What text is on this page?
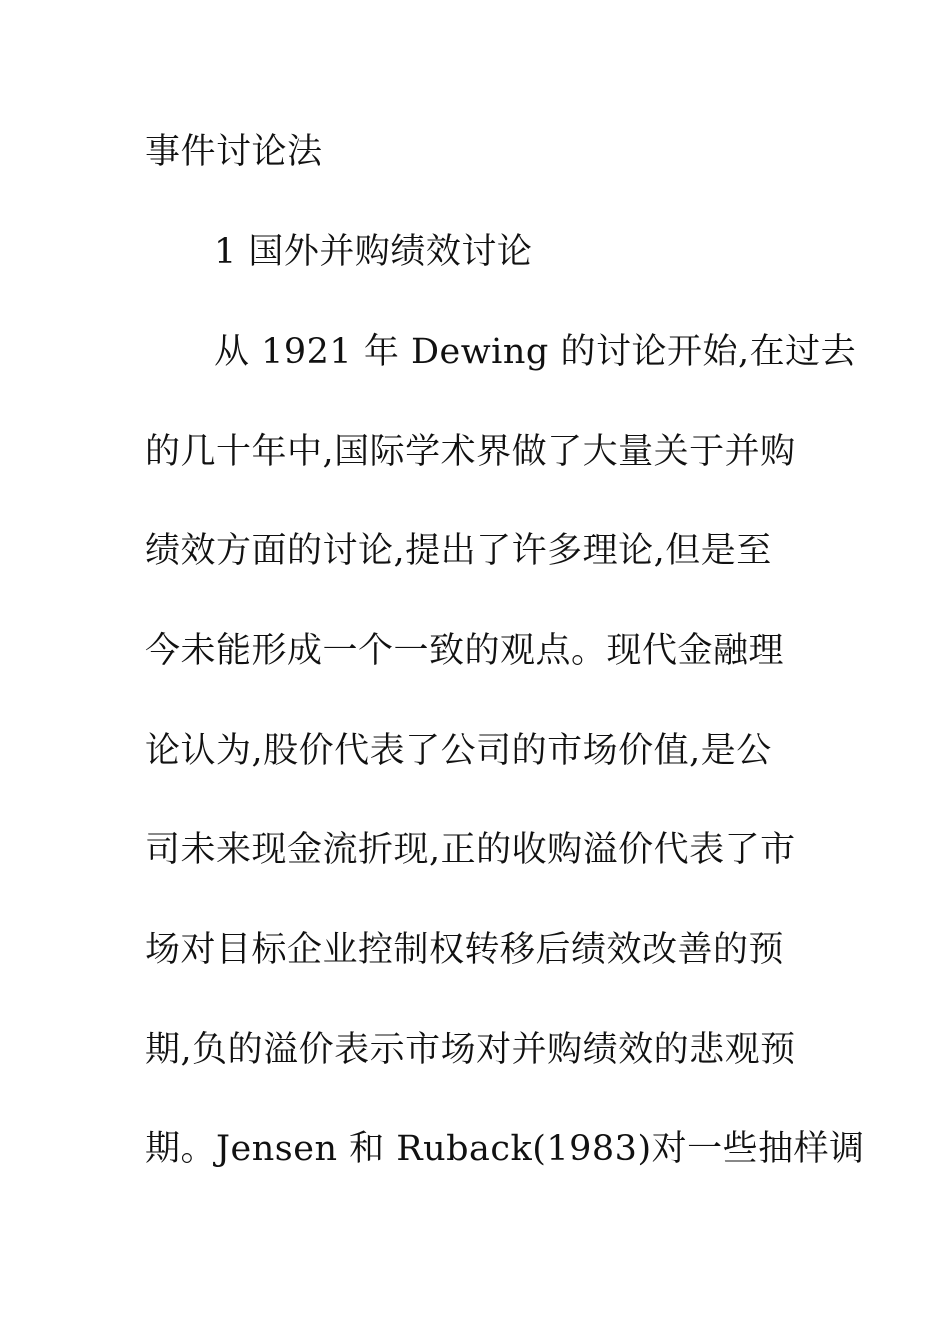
事件讨论法
1 国外并购绩效讨论
从 1921 年 Dewing 的讨论开始,在过去
的几十年中,国际学术界做了大量关于并购
绩效方面的讨论,提出了许多理论,但是至
今未能形成一个一致的观点。现代金融理
论认为,股价代表了公司的市场价值,是公
司未来现金流折现,正的收购溢价代表了市
场对目标企业控制权转移后绩效改善的预
期,负的溢价表示市场对并购绩效的悲观预
期。Jensen 和 Ruback(1983)对一些抽样调
